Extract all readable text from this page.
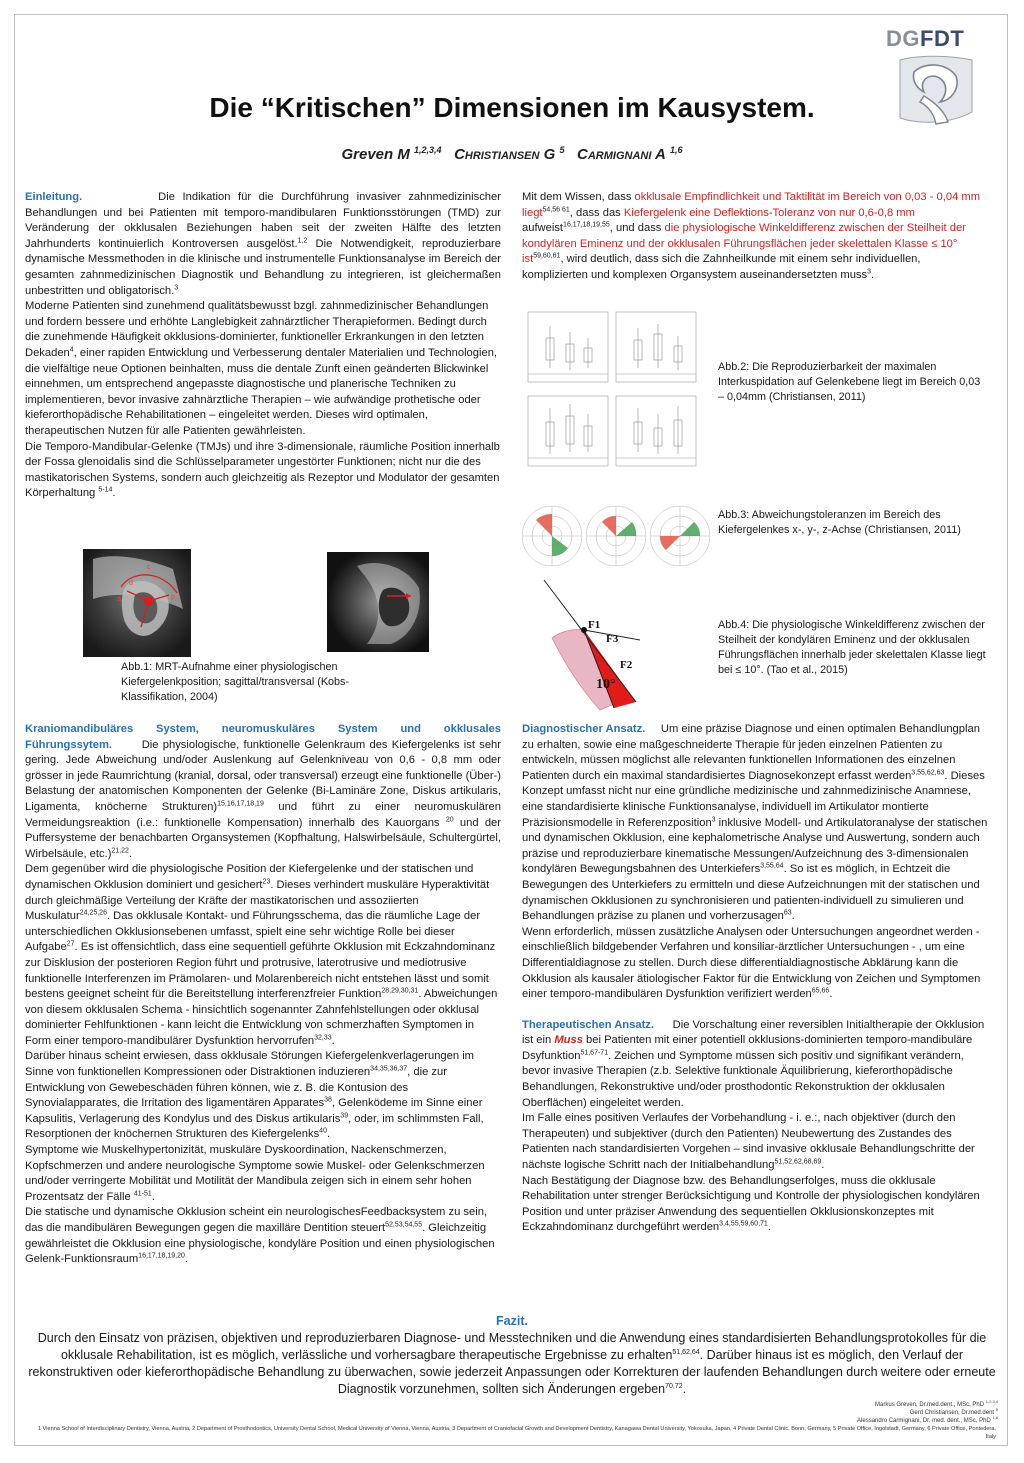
DGFDT
Die “Kritischen” Dimensionen im Kausystem.
Greven M $^{1,2,3,4}$ Christiansen G $^5$ Carmignani A $^{1,6}$

Einleitung.	Die Indikation für die Durchführung invasiver zahnmedizinischer Behandlungen und bei Patienten mit temporo-mandibularen Funktionsstörungen (TMD) zur Veränderung der okklusalen Beziehungen haben seit der zweiten Hälfte des letzten Jahrhunderts kontinuierlich Kontroversen ausgelöst.$^{1,2}$ Die Notwendigkeit, reproduzierbare dynamische Messmethoden in die klinische und instrumentelle Funktionsanalyse im Bereich der gesamten zahnmedizinischen Diagnostik und Behandlung zu integrieren, ist gleichermaßen unbestritten und obligatorisch.$^3$

Moderne Patienten sind zunehmend qualitätsbewusst bzgl. zahnmedizinischer Behandlungen und fordern bessere und erhöhte Langlebigkeit zahnärztlicher Therapieformen. Bedingt durch die zunehmende Häufigkeit okklusions-dominierter, funktioneller Erkrankungen in den letzten Dekaden$^4$, einer rapiden Entwicklung und Verbesserung dentaler Materialien und Technologien, die vielfältige neue Optionen beinhalten, muss die dentale Zunft einen geänderten Blickwinkel einnehmen, um entsprechend angepasste diagnostische und planerische Techniken zu implementieren, bevor invasive zahnärztliche Therapien – wie aufwändige prothetische oder kieferorthopädische Rehabilitationen – eingeleitet werden. Dieses wird optimalen, therapeutischen Nutzen für alle Patienten gewährleisten.

Die Temporo-Mandibular-Gelenke (TMJs) und ihre 3-dimensionale, räumliche Position innerhalb der Fossa glenoidalis sind die Schlüsselparameter ungestörter Funktionen; nicht nur die des mastikatorischen Systems, sondern auch gleichzeitig als Rezeptor und Modulator der gesamten Körperhaltung $^{5-14}$.

d
a	p
c
Abb.1: MRT-Aufnahme einer physiologischen Kiefergelenkposition; sagittal/transversal (Kobs-Klassifikation, 2004)

Kraniomandibuläres System, neuromuskuläres System und okklusales Führungssytem.	Die physiologische, funktionelle Gelenkraum des Kiefergelenks ist sehr gering. Jede Abweichung und/oder Auslenkung auf Gelenkniveau von 0,6 - 0,8 mm oder grösser in jede Raumrichtung (kranial, dorsal, oder transversal) erzeugt eine funktionelle (Über-) Belastung der anatomischen Komponenten der Gelenke (Bi-Laminäre Zone, Diskus artikularis, Ligamenta, knöcherne Strukturen)$^{15,16,17,18,19}$ und führt zu einer neuromuskulären Vermeidungsreaktion (i.e.: funktionelle Kompensation) innerhalb des Kauorgans $^{20}$ und der Puffersysteme der benachbarten Organsystemen (Kopfhaltung, Halswirbelsäule, Schultergürtel, Wirbelsäule, etc.)$^{21,22}$.

Dem gegenüber wird die physiologische Position der Kiefergelenke und der statischen und dynamischen Okklusion dominiert und gesichert$^{23}$. Dieses verhindert muskuläre Hyperaktivität durch gleichmäßige Verteilung der Kräfte der mastikatorischen und assoziierten Muskulatur$^{24,25,26}$. Das okklusale Kontakt- und Führungsschema, das die räumliche Lage der unterschiedlichen Okklusionsebenen umfasst, spielt eine sehr wichtige Rolle bei dieser Aufgabe$^{27}$. Es ist offensichtlich, dass eine sequentiell geführte Okklusion mit Eckzahndominanz zur Disklusion der posterioren Region führt und protrusive, laterotrusive und mediotrusive funktionelle Interferenzen im Prämolaren- und Molarenbereich nicht entstehen lässt und somit bestens geeignet scheint für die Bereitstellung interferenzfreier Funktion$^{28,29,30,31}$. Abweichungen von diesem okklusalen Schema - hinsichtlich sogenannter Zahnfehlstellungen oder okklusal dominierter Fehlfunktionen - kann leicht die Entwicklung von schmerzhaften Symptomen in Form einer temporo-mandibulärer Dysfunktion hervorrufen$^{32,33}$.

Darüber hinaus scheint erwiesen, dass okklusale Störungen Kiefergelenkverlagerungen im Sinne von funktionellen Kompressionen oder Distraktionen induzieren$^{34,35,36,37}$, die zur Entwicklung von Gewebeschäden führen können, wie z. B. die Kontusion des Synovialapparates, die Irritation des ligamentären Apparates$^{38}$, Gelenködeme im Sinne einer Kapsulitis, Verlagerung des Kondylus und des Diskus artikularis$^{39}$, oder, im schlimmsten Fall, Resorptionen der knöchernen Strukturen des Kiefergelenks$^{40}$.

Symptome wie Muskelhypertonizität, muskuläre Dyskoordination, Nackenschmerzen, Kopfschmerzen und andere neurologische Symptome sowie Muskel- oder Gelenkschmerzen und/oder verringerte Mobilität und Motilität der Mandibula zeigen sich in einem sehr hohen Prozentsatz der Fälle $^{41-51}$.

Die statische und dynamische Okklusion scheint ein neurologischesFeedbacksystem zu sein, das die mandibulären Bewegungen gegen die maxilläre Dentition steuert$^{52,53,54,55}$. Gleichzeitig gewährleistet die Okklusion eine physiologische, kondyläre Position und einen physiologischen Gelenk-Funktionsraum$^{16,17,18,19,20}$.

Mit dem Wissen, dass okklusale Empfindlichkeit und Taktilität im Bereich von 0,03 - 0,04 mm liegt$^{54,56 61}$, dass das Kiefergelenk eine Deflektions-Toleranz von nur 0,6-0,8 mm aufweist$^{16,17,18,19,55}$, und dass die physiologische Winkeldifferenz zwischen der Steilheit der kondylären Eminenz und der okklusalen Führungsflächen jeder skelettalen Klasse ≤ 10° ist$^{59,60,61}$, wird deutlich, dass sich die Zahnheilkunde mit einem sehr individuellen, komplizierten und komplexen Organsystem auseinandersetzten muss$^3$.

Abb.2: Die Reproduzierbarkeit der maximalen Interkuspidation auf Gelenkebene liegt im Bereich 0,03 – 0,04mm (Christiansen, 2011)
Abb.3: Abweichungstoleranzen im Bereich des Kiefergelenkes x-, y-, z-Achse (Christiansen, 2011)
F1
F3
F2
10°
Abb.4: Die physiologische Winkeldifferenz zwischen der Steilheit der kondylären Eminenz und der okklusalen Führungsflächen innerhalb jeder skelettalen Klasse liegt bei ≤ 10°. (Tao et al., 2015)

Diagnostischer Ansatz. Um eine präzise Diagnose und einen optimalen Behandlungplan zu erhalten, sowie eine maßgeschneiderte Therapie für jeden einzelnen Patienten zu entwickeln, müssen möglichst alle relevanten funktionellen Informationen des einzelnen Patienten durch ein maximal standardisiertes Diagnosekonzept erfasst werden$^{3,55,62,63}$. Dieses Konzept umfasst nicht nur eine gründliche medizinische und zahnmedizinische Anamnese, eine standardisierte klinische Funktionsanalyse, individuell im Artikulator montierte Präzisionsmodelle in Referenzposition$^3$ inklusive Modell- und Artikulatoranalyse der statischen und dynamischen Okklusion, eine kephalometrische Analyse und Auswertung, sondern auch präzise und reproduzierbare kinematische Messungen/Aufzeichnung des 3-dimensionalen kondylären Bewegungsbahnen des Unterkiefers$^{3,55,64}$. So ist es möglich, in Echtzeit die Bewegungen des Unterkiefers zu ermitteln und diese Aufzeichnungen mit der statischen und dynamischen Okklusionen zu synchronisieren und patienten-individuell zu simulieren und Behandlungen präzise zu planen und vorherzusagen$^{63}$.

Wenn erforderlich, müssen zusätzliche Analysen oder Untersuchungen angeordnet werden - einschließlich bildgebender Verfahren und konsiliar-ärztlicher Untersuchungen - , um eine Differentialdiagnose zu stellen. Durch diese differentialdiagnostische Abklärung kann die Okklusion als kausaler ätiologischer Faktor für die Entwicklung von Zeichen und Symptomen einer temporo-mandibulären Dysfunktion verifiziert werden$^{65,66}$.

Therapeutischen Ansatz. Die Vorschaltung einer reversiblen Initialtherapie der Okklusion ist ein Muss bei Patienten mit einer potentiell okklusions-dominierten temporo-mandibuläre Dsyfunktion$^{51,67-71}$. Zeichen und Symptome müssen sich positiv und signifikant verändern, bevor invasive Therapien (z.b. Selektive funktionale Äquilibrierung, kieferorthopädische Behandlungen, Rekonstruktive und/oder prosthodontic Rekonstruktion der okklusalen Oberflächen) eingeleitet werden.

Im Falle eines positiven Verlaufes der Vorbehandlung - i. e.:, nach objektiver (durch den Therapeuten) und subjektiver (durch den Patienten) Neubewertung des Zustandes des Patienten nach standardisierten Vorgehen – sind invasive okklusale Behandlungschritte der nächste logische Schritt nach der Initialbehandlung$^{51,52,62,68,69}$.

Nach Bestätigung der Diagnose bzw. des Behandlungserfolges, muss die okklusale Rehabilitation unter strenger Berücksichtigung und Kontrolle der physiologischen kondylären Position und unter präziser Anwendung des sequentiellen Okklusionskonzeptes mit Eckzahndominanz durchgeführt werden$^{3,4,55,59,60,71}$.

Fazit.
Durch den Einsatz von präzisen, objektiven und reproduzierbaren Diagnose- und Messtechniken und die Anwendung eines standardisierten Behandlungsprotokolles für die okklusale Rehabilitation, ist es möglich, verlässliche und vorhersagbare therapeutische Ergebnisse zu erhalten$^{51,62,64}$. Darüber hinaus ist es möglich, den Verlauf der rekonstruktiven oder kieferorthopädische Behandlung zu überwachen, sowie jederzeit Anpassungen oder Korrekturen der laufenden Behandlungen durch weitere oder erneute Diagnostik vorzunehmen, sollten sich Änderungen ergeben$^{70,72}$.
Markus Greven, Dr.med.dent., MSc, PhD $^{1,2,3,4}$
Gerd Christiansen, Dr.med.dent $^5$
Alessandro Carmignani, Dr. med. dent., MSc, PhD $^{1,6}$
1 Vienna School of Interdisciplinary Dentistry, Vienna, Austria, 2 Department of Prosthodontics, University Dental School, Medical University of Vienna, Vienna, Austria, 3 Department of Craniofacial Growth and Development Dentistry, Kanagawa Dental University, Yokosuka, Japan, 4 Private Dental Clinic, Bonn, Germany, 5 Private Office, Ingolstadt, Germany, 6 Private Office, Pontedera, Italy
